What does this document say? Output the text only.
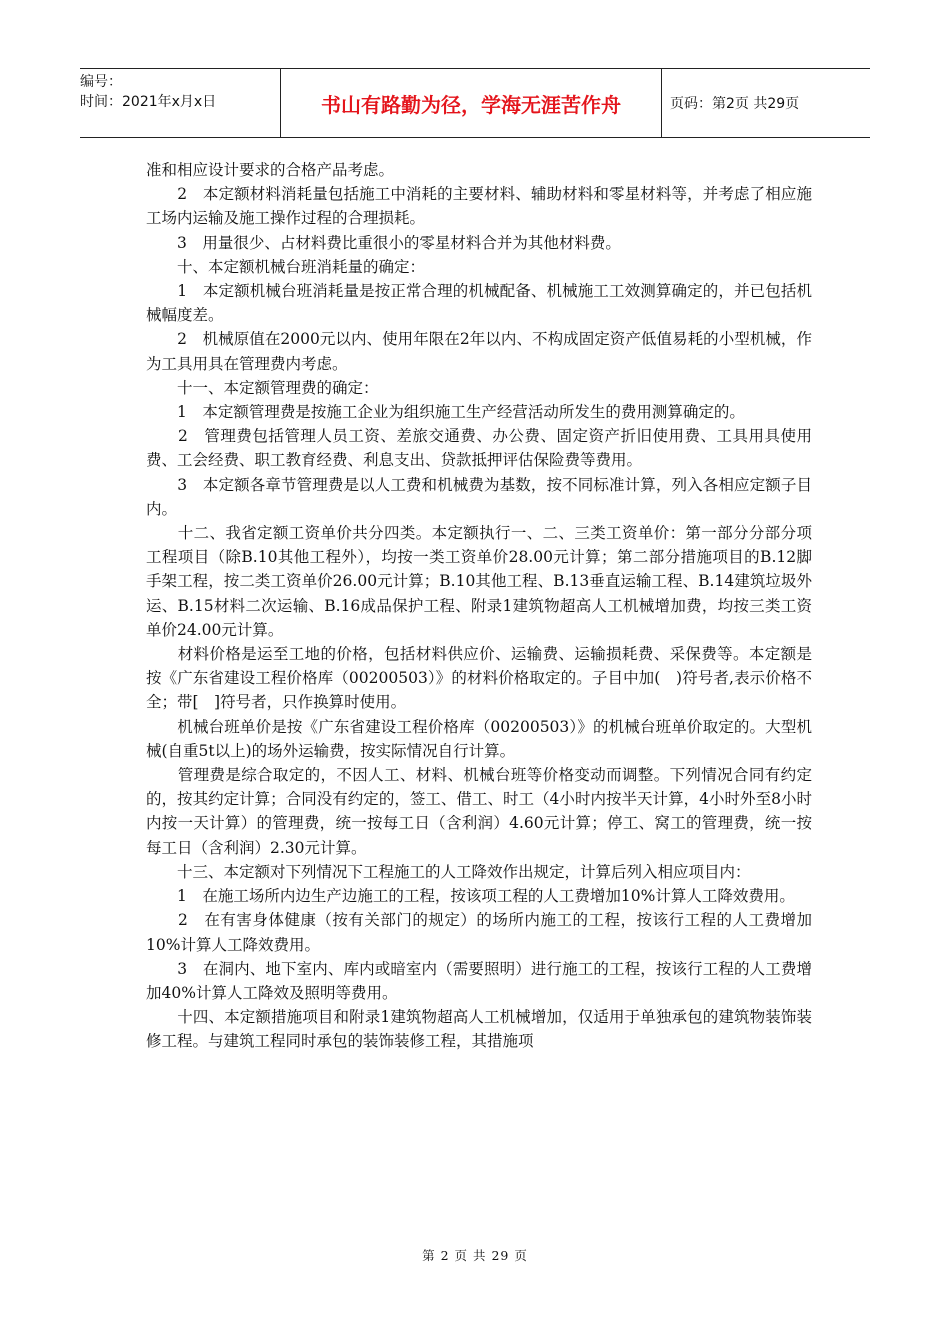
编号：
时间：2021年x月x日	书山有路勤为径，学海无涯苦作舟	页码：第2页 共29页

准和相应设计要求的合格产品考虑。

　　2　本定额材料消耗量包括施工中消耗的主要材料、辅助材料和零星材料等，并考虑了相应施工场内运输及施工操作过程的合理损耗。

　　3　用量很少、占材料费比重很小的零星材料合并为其他材料费。

　　十、本定额机械台班消耗量的确定：

　　1　本定额机械台班消耗量是按正常合理的机械配备、机械施工工效测算确定的，并已包括机械幅度差。

　　2　机械原值在2000元以内、使用年限在2年以内、不构成固定资产低值易耗的小型机械，作为工具用具在管理费内考虑。

　　十一、本定额管理费的确定：

　　1　本定额管理费是按施工企业为组织施工生产经营活动所发生的费用测算确定的。

　　2　管理费包括管理人员工资、差旅交通费、办公费、固定资产折旧使用费、工具用具使用费、工会经费、职工教育经费、利息支出、贷款抵押评估保险费等费用。

　　3　本定额各章节管理费是以人工费和机械费为基数，按不同标准计算，列入各相应定额子目内。

　　十二、我省定额工资单价共分四类。本定额执行一、二、三类工资单价：第一部分分部分项工程项目（除B.10其他工程外），均按一类工资单价28.00元计算；第二部分措施项目的B.12脚手架工程，按二类工资单价26.00元计算；B.10其他工程、B.13垂直运输工程、B.14建筑垃圾外运、B.15材料二次运输、B.16成品保护工程、附录1建筑物超高人工机械增加费，均按三类工资单价24.00元计算。

　　材料价格是运至工地的价格，包括材料供应价、运输费、运输损耗费、采保费等。本定额是按《广东省建设工程价格库（00200503）》的材料价格取定的。子目中加(　)符号者,表示价格不全；带[　]符号者，只作换算时使用。

　　机械台班单价是按《广东省建设工程价格库（00200503）》的机械台班单价取定的。大型机械(自重5t以上)的场外运输费，按实际情况自行计算。

　　管理费是综合取定的，不因人工、材料、机械台班等价格变动而调整。下列情况合同有约定的，按其约定计算；合同没有约定的，签工、借工、时工（4小时内按半天计算，4小时外至8小时内按一天计算）的管理费，统一按每工日（含利润）4.60元计算；停工、窝工的管理费，统一按每工日（含利润）2.30元计算。

　　十三、本定额对下列情况下工程施工的人工降效作出规定，计算后列入相应项目内：

　　1　在施工场所内边生产边施工的工程，按该项工程的人工费增加10%计算人工降效费用。

　　2　在有害身体健康（按有关部门的规定）的场所内施工的工程，按该行工程的人工费增加10%计算人工降效费用。

　　3　在洞内、地下室内、库内或暗室内（需要照明）进行施工的工程，按该行工程的人工费增加40%计算人工降效及照明等费用。

　　十四、本定额措施项目和附录1建筑物超高人工机械增加，仅适用于单独承包的建筑物装饰装修工程。与建筑工程同时承包的装饰装修工程，其措施项

第 2 页 共 29 页
